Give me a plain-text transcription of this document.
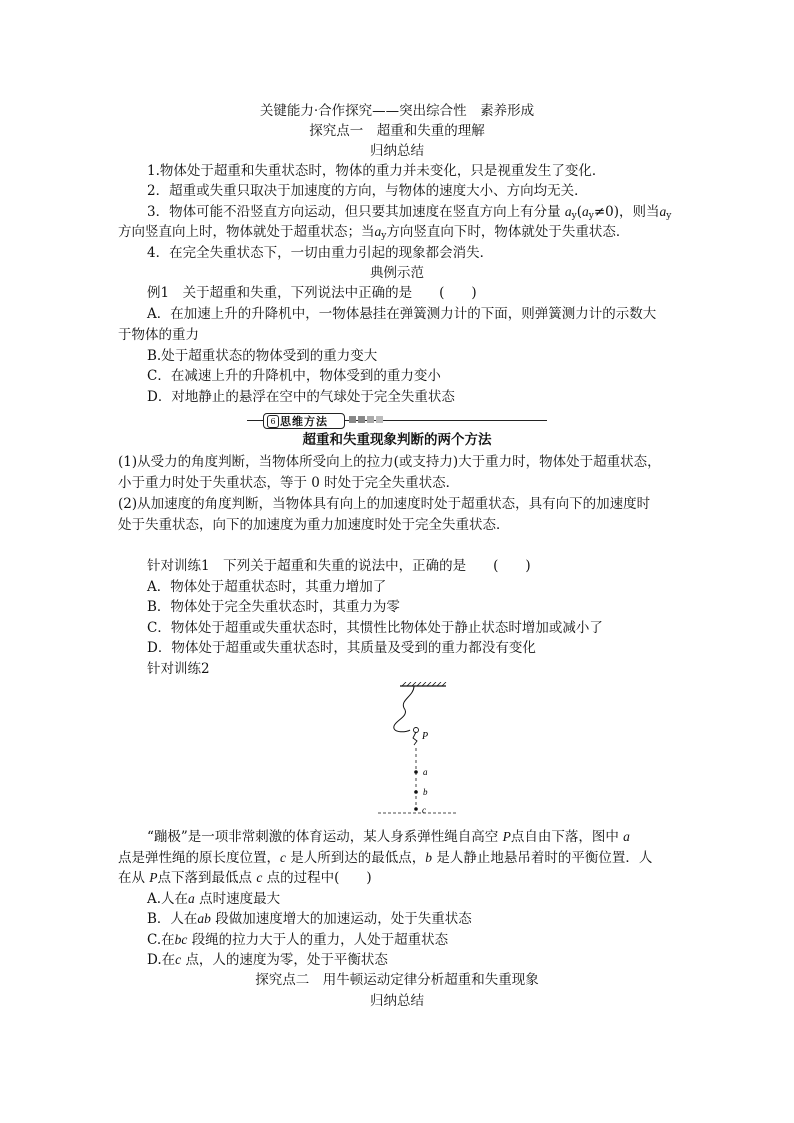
关键能力·合作探究——突出综合性　素养形成
探究点一　超重和失重的理解
归纳总结
1.物体处于超重和失重状态时，物体的重力并未变化，只是视重发生了变化．
2．超重或失重只取决于加速度的方向，与物体的速度大小、方向均无关．
3．物体可能不沿竖直方向运动，但只要其加速度在竖直方向上有分量 $a_y(a_y\ne 0)$，则当$a_y$
方向竖直向上时，物体就处于超重状态；当$a_y$方向竖直向下时，物体就处于失重状态．
4．在完全失重状态下，一切由重力引起的现象都会消失．
典例示范
例1　关于超重和失重，下列说法中正确的是　　(　　)
A．在加速上升的升降机中，一物体悬挂在弹簧测力计的下面，则弹簧测力计的示数大
于物体的重力
B.处于超重状态的物体受到的重力变大
C．在减速上升的升降机中，物体受到的重力变小
D．对地静止的悬浮在空中的气球处于完全失重状态
6 思维方法
超重和失重现象判断的两个方法
(1)从受力的角度判断，当物体所受向上的拉力(或支持力)大于重力时，物体处于超重状态，
小于重力时处于失重状态，等于 0 时处于完全失重状态．
(2)从加速度的角度判断，当物体具有向上的加速度时处于超重状态，具有向下的加速度时
处于失重状态，向下的加速度为重力加速度时处于完全失重状态．
针对训练1　下列关于超重和失重的说法中，正确的是　　(　　)
A．物体处于超重状态时，其重力增加了
B．物体处于完全失重状态时，其重力为零
C．物体处于超重或失重状态时，其惯性比物体处于静止状态时增加或减小了
D．物体处于超重或失重状态时，其质量及受到的重力都没有变化
针对训练2
P
a
b
c
“蹦极”是一项非常刺激的体育运动，某人身系弹性绳自高空 P点自由下落，图中 a
点是弹性绳的原长度位置，c 是人所到达的最低点，b 是人静止地悬吊着时的平衡位置．人
在从 P点下落到最低点 c 点的过程中(　　)
A.人在a 点时速度最大
B．人在ab 段做加速度增大的加速运动，处于失重状态
C.在bc 段绳的拉力大于人的重力，人处于超重状态
D.在c 点，人的速度为零，处于平衡状态
探究点二　用牛顿运动定律分析超重和失重现象
归纳总结
